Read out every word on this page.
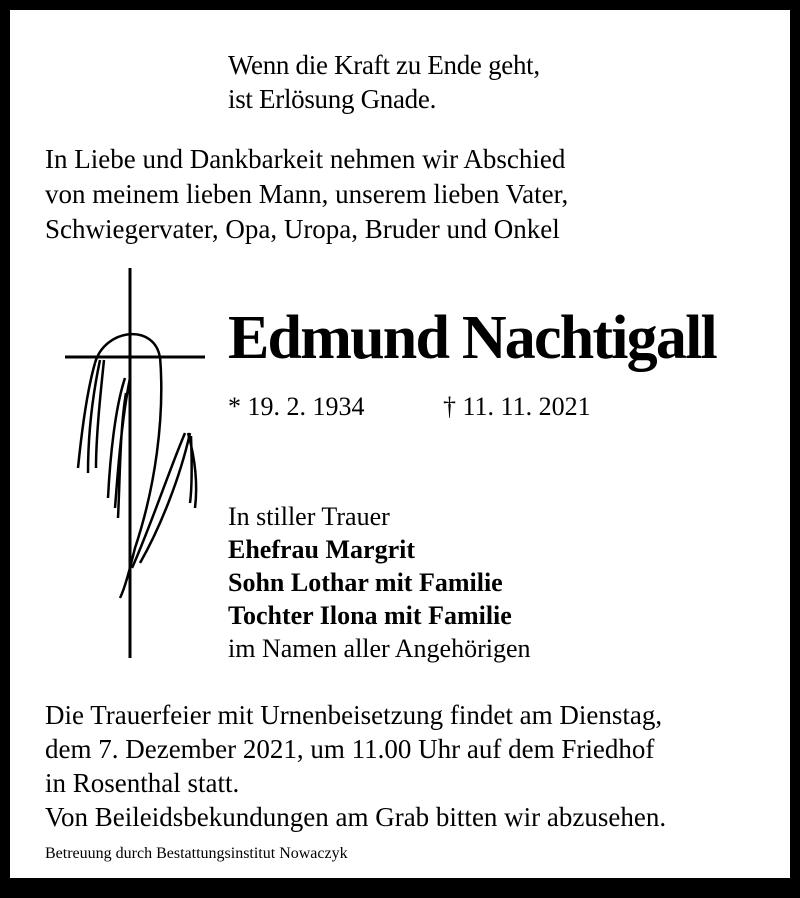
Wenn die Kraft zu Ende geht,
ist Erlösung Gnade.
In Liebe und Dankbarkeit nehmen wir Abschied
von meinem lieben Mann, unserem lieben Vater,
Schwiegervater, Opa, Uropa, Bruder und Onkel
Edmund Nachtigall
* 19. 2. 1934	† 11. 11. 2021
In stiller Trauer
Ehefrau Margrit
Sohn Lothar mit Familie
Tochter Ilona mit Familie
im Namen aller Angehörigen
Die Trauerfeier mit Urnenbeisetzung findet am Dienstag,
dem 7. Dezember 2021, um 11.00 Uhr auf dem Friedhof
in Rosenthal statt.
Von Beileidsbekundungen am Grab bitten wir abzusehen.
Betreuung durch Bestattungsinstitut Nowaczyk
